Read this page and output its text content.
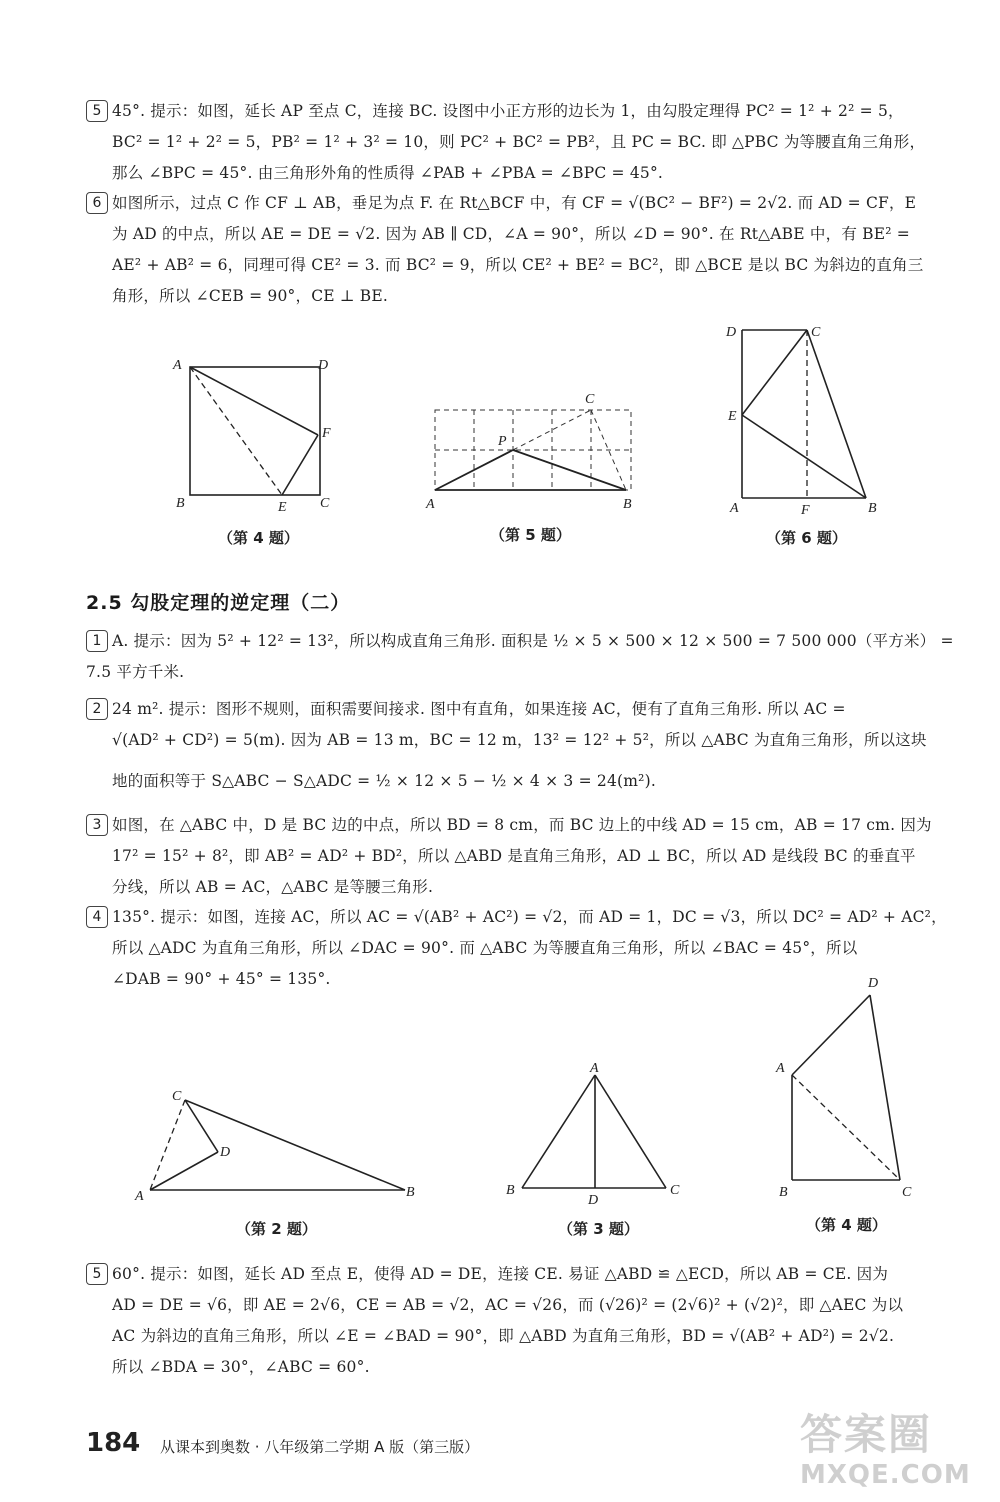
5 45°. 提示：如图，延长 AP 至点 C，连接 BC. 设图中小正方形的边长为 1，由勾股定理得 PC² = 1² + 2² = 5，
BC² = 1² + 2² = 5，PB² = 1² + 3² = 10，则 PC² + BC² = PB²，且 PC = BC. 即 △PBC 为等腰直角三角形，
那么 ∠BPC = 45°. 由三角形外角的性质得 ∠PAB + ∠PBA = ∠BPC = 45°.

6 如图所示，过点 C 作 CF ⊥ AB，垂足为点 F. 在 Rt△BCF 中，有 CF = √(BC² − BF²) = 2√2. 而 AD = CF，E
为 AD 的中点，所以 AE = DE = √2. 因为 AB ∥ CD，∠A = 90°，所以 ∠D = 90°. 在 Rt△ABE 中，有 BE² =
AE² + AB² = 6，同理可得 CE² = 3. 而 BC² = 9，所以 CE² + BE² = BC²，即 △BCE 是以 BC 为斜边的直角三
角形，所以 ∠CEB = 90°，CE ⊥ BE.

A	D
F
B	E C
（第 4 题）
C
P
A	B
（第 5 题）
D	C
E
A	F	B
（第 6 题）
2.5 勾股定理的逆定理（二）
1 A. 提示：因为 5² + 12² = 13²，所以构成直角三角形. 面积是 ½ × 5 × 500 × 12 × 500 = 7 500 000（平方米） =
7.5 平方千米.

2 24 m². 提示：图形不规则，面积需要间接求. 图中有直角，如果连接 AC，便有了直角三角形. 所以 AC =
√(AD² + CD²) = 5(m). 因为 AB = 13 m，BC = 12 m，13² = 12² + 5²，所以 △ABC 为直角三角形，所以这块
地的面积等于 S△ABC − S△ADC = ½ × 12 × 5 − ½ × 4 × 3 = 24(m²).

3 如图，在 △ABC 中，D 是 BC 边的中点，所以 BD = 8 cm，而 BC 边上的中线 AD = 15 cm，AB = 17 cm. 因为
17² = 15² + 8²，即 AB² = AD² + BD²，所以 △ABD 是直角三角形，AD ⊥ BC，所以 AD 是线段 BC 的垂直平
分线，所以 AB = AC，△ABC 是等腰三角形.

4 135°. 提示：如图，连接 AC，所以 AC = √(AB² + AC²) = √2，而 AD = 1，DC = √3，所以 DC² = AD² + AC²，
所以 △ADC 为直角三角形，所以 ∠DAC = 90°. 而 △ABC 为等腰直角三角形，所以 ∠BAC = 45°，所以
∠DAB = 90° + 45° = 135°.

C
D
A	B
（第 2 题）
A
B	C
D
（第 3 题）
D
A
B	C
（第 4 题）
5 60°. 提示：如图，延长 AD 至点 E，使得 AD = DE，连接 CE. 易证 △ABD ≌ △ECD，所以 AB = CE. 因为
AD = DE = √6，即 AE = 2√6，CE = AB = √2，AC = √26，而 (√26)² = (2√6)² + (√2)²，即 △AEC 为以
AC 为斜边的直角三角形，所以 ∠E = ∠BAD = 90°，即 △ABD 为直角三角形，BD = √(AB² + AD²) = 2√2.
所以 ∠BDA = 30°，∠ABC = 60°.

184 从课本到奥数 · 八年级第二学期 A 版（第三版）	答案圈
MXQE.COM
